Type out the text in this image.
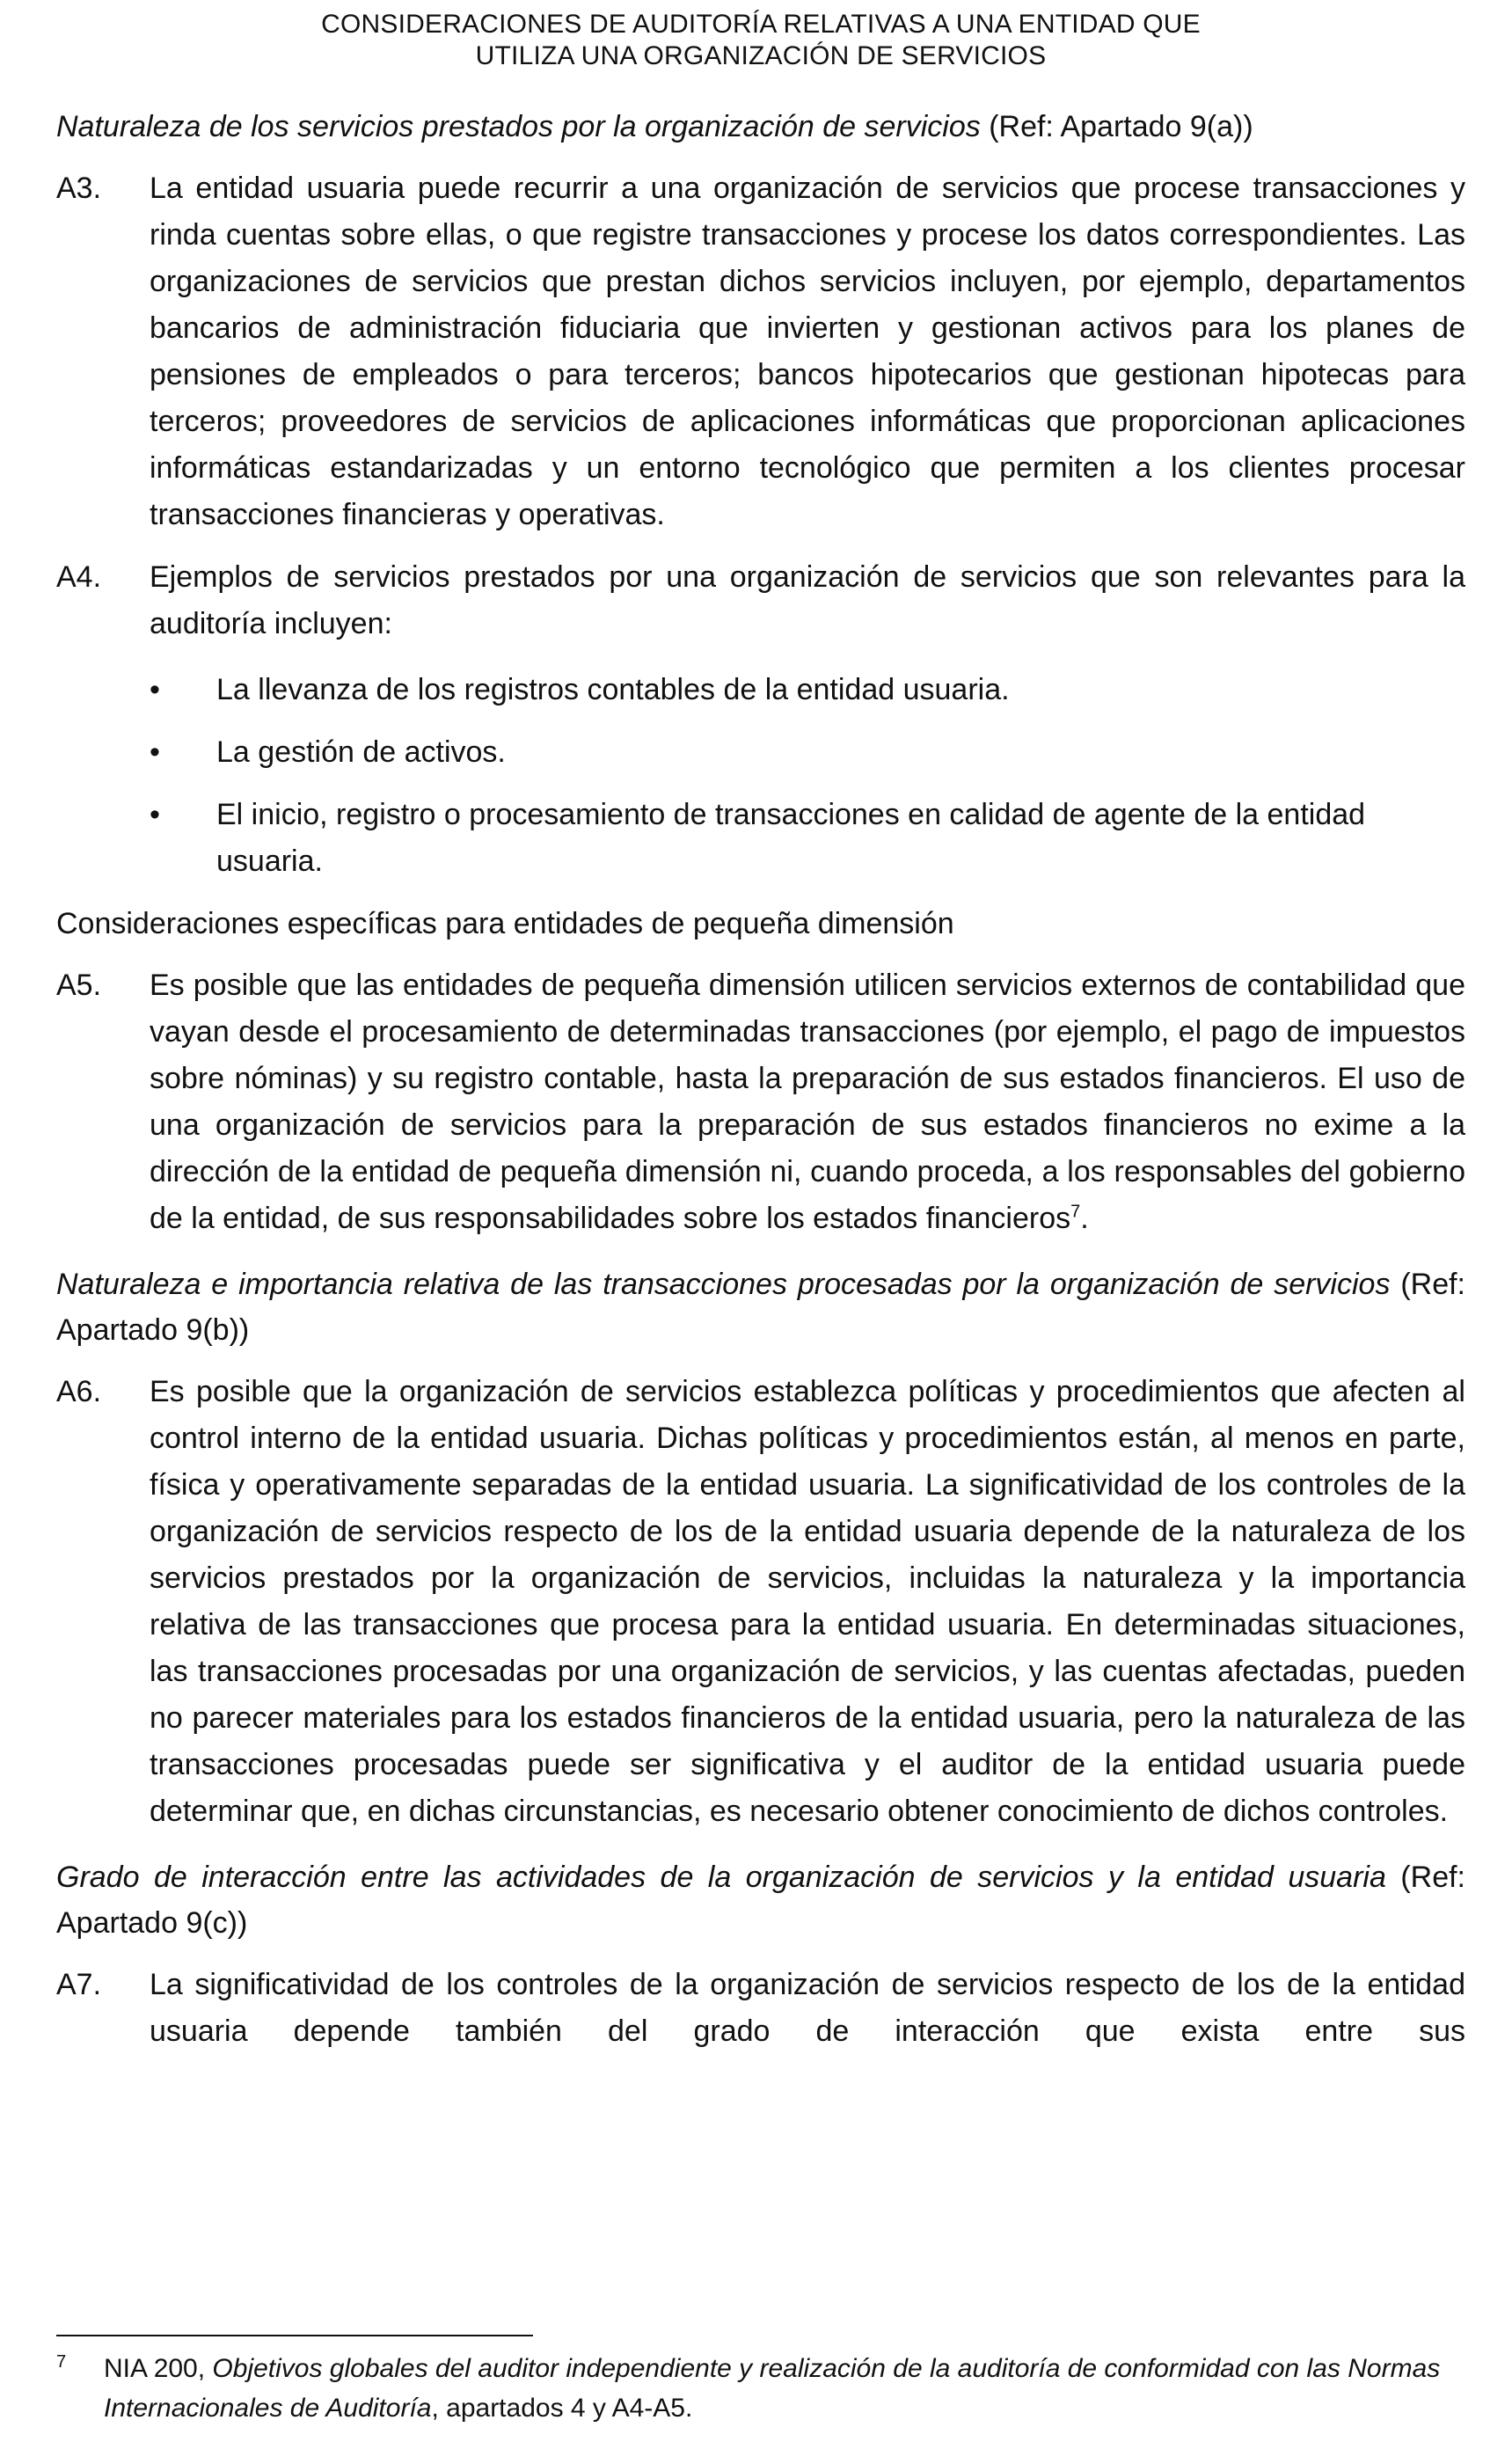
CONSIDERACIONES DE AUDITORÍA RELATIVAS A UNA ENTIDAD QUE
UTILIZA UNA ORGANIZACIÓN DE SERVICIOS

Naturaleza de los servicios prestados por la organización de servicios (Ref: Apartado 9(a))

A3.	La entidad usuaria puede recurrir a una organización de servicios que procese transacciones y rinda cuentas sobre ellas, o que registre transacciones y procese los datos correspondientes. Las organizaciones de servicios que prestan dichos servicios incluyen, por ejemplo, departamentos bancarios de administración fiduciaria que invierten y gestionan activos para los planes de pensiones de empleados o para terceros; bancos hipotecarios que gestionan hipotecas para terceros; proveedores de servicios de aplicaciones informáticas que proporcionan aplicaciones informáticas estandarizadas y un entorno tecnológico que permiten a los clientes procesar transacciones financieras y operativas.
A4.	Ejemplos de servicios prestados por una organización de servicios que son relevantes para la auditoría incluyen:
•	La llevanza de los registros contables de la entidad usuaria.
•	La gestión de activos.
•	El inicio, registro o procesamiento de transacciones en calidad de agente de la entidad usuaria.

Consideraciones específicas para entidades de pequeña dimensión

A5.	Es posible que las entidades de pequeña dimensión utilicen servicios externos de contabilidad que vayan desde el procesamiento de determinadas transacciones (por ejemplo, el pago de impuestos sobre nóminas) y su registro contable, hasta la preparación de sus estados financieros. El uso de una organización de servicios para la preparación de sus estados financieros no exime a la dirección de la entidad de pequeña dimensión ni, cuando proceda, a los responsables del gobierno de la entidad, de sus responsabilidades sobre los estados financieros$^7$.

Naturaleza e importancia relativa de las transacciones procesadas por la organización de servicios (Ref: Apartado 9(b))

A6.	Es posible que la organización de servicios establezca políticas y procedimientos que afecten al control interno de la entidad usuaria. Dichas políticas y procedimientos están, al menos en parte, física y operativamente separadas de la entidad usuaria. La significatividad de los controles de la organización de servicios respecto de los de la entidad usuaria depende de la naturaleza de los servicios prestados por la organización de servicios, incluidas la naturaleza y la importancia relativa de las transacciones que procesa para la entidad usuaria. En determinadas situaciones, las transacciones procesadas por una organización de servicios, y las cuentas afectadas, pueden no parecer materiales para los estados financieros de la entidad usuaria, pero la naturaleza de las transacciones procesadas puede ser significativa y el auditor de la entidad usuaria puede determinar que, en dichas circunstancias, es necesario obtener conocimiento de dichos controles.

Grado de interacción entre las actividades de la organización de servicios y la entidad usuaria (Ref: Apartado 9(c))

A7.	La significatividad de los controles de la organización de servicios respecto de los de la entidad usuaria depende también del grado de interacción que exista entre sus
7	NIA 200, Objetivos globales del auditor independiente y realización de la auditoría de conformidad con las Normas Internacionales de Auditoría, apartados 4 y A4-A5.
